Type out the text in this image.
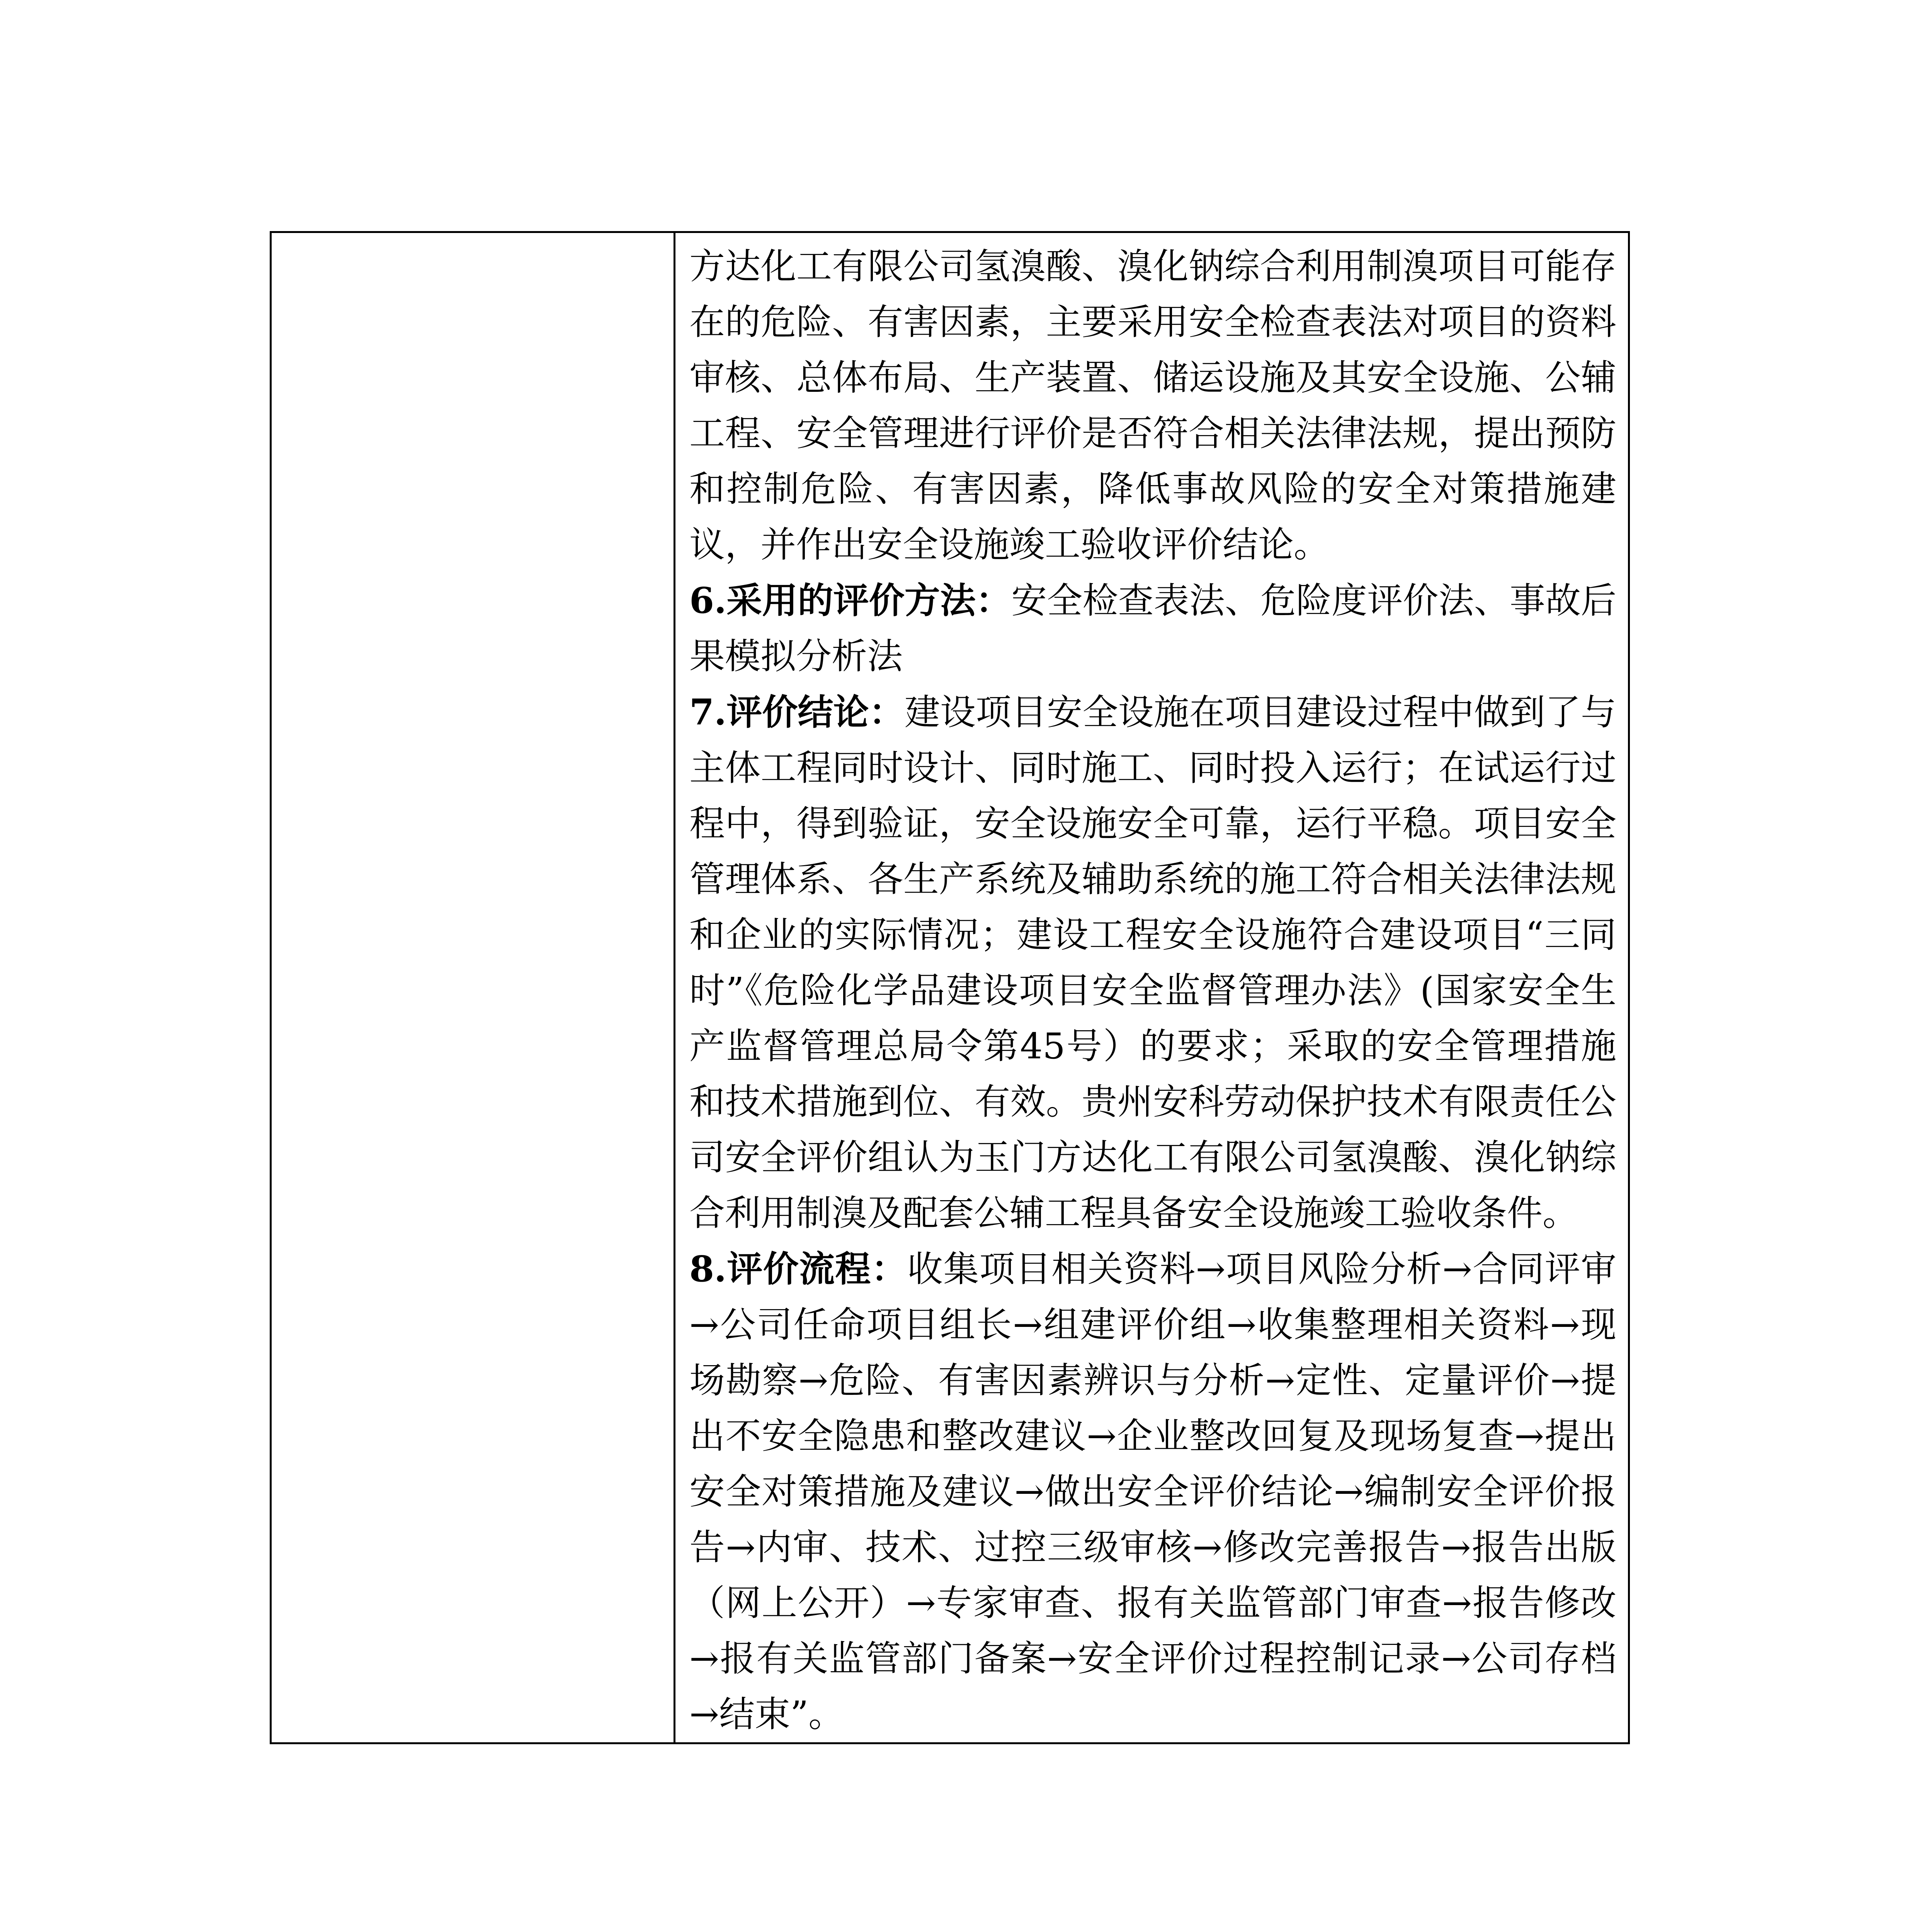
方达化工有限公司氢溴酸、溴化钠综合利用制溴项目可能存在的危险、有害因素，主要采用安全检查表法对项目的资料审核、总体布局、生产装置、储运设施及其安全设施、公辅工程、安全管理进行评价是否符合相关法律法规，提出预防和控制危险、有害因素，降低事故风险的安全对策措施建议，并作出安全设施竣工验收评价结论。

6.采用的评价方法：安全检查表法、危险度评价法、事故后果模拟分析法

7.评价结论：建设项目安全设施在项目建设过程中做到了与主体工程同时设计、同时施工、同时投入运行；在试运行过程中，得到验证，安全设施安全可靠，运行平稳。项目安全管理体系、各生产系统及辅助系统的施工符合相关法律法规和企业的实际情况；建设工程安全设施符合建设项目“三同时”《危险化学品建设项目安全监督管理办法》(国家安全生产监督管理总局令第45号）的要求；采取的安全管理措施和技术措施到位、有效。贵州安科劳动保护技术有限责任公司安全评价组认为玉门方达化工有限公司氢溴酸、溴化钠综合利用制溴及配套公辅工程具备安全设施竣工验收条件。

8.评价流程：收集项目相关资料→项目风险分析→合同评审→公司任命项目组长→组建评价组→收集整理相关资料→现场勘察→危险、有害因素辨识与分析→定性、定量评价→提出不安全隐患和整改建议→企业整改回复及现场复查→提出安全对策措施及建议→做出安全评价结论→编制安全评价报告→内审、技术、过控三级审核→修改完善报告→报告出版（网上公开）→专家审查、报有关监管部门审查→报告修改→报有关监管部门备案→安全评价过程控制记录→公司存档→结束”。
